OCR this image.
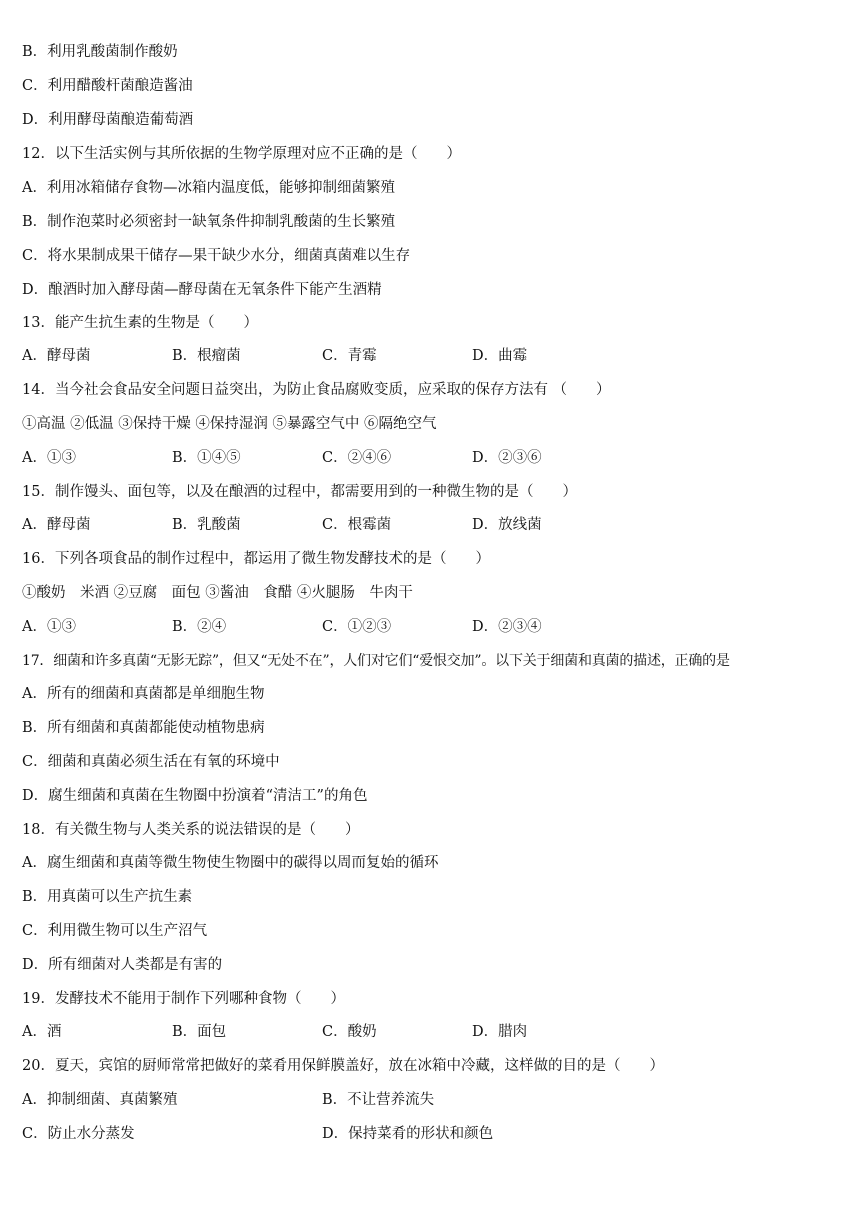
B．利用乳酸菌制作酸奶
C．利用醋酸杆菌酿造酱油
D．利用酵母菌酿造葡萄酒
12．以下生活实例与其所依据的生物学原理对应不正确的是（　　）
A．利用冰箱储存食物—冰箱内温度低，能够抑制细菌繁殖
B．制作泡菜时必须密封一缺氧条件抑制乳酸菌的生长繁殖
C．将水果制成果干储存—果干缺少水分，细菌真菌难以生存
D．酿酒时加入酵母菌—酵母菌在无氧条件下能产生酒精
13．能产生抗生素的生物是（　　）
A．酵母菌	B．根瘤菌	C．青霉	D．曲霉
14．当今社会食品安全问题日益突出，为防止食品腐败变质，应采取的保存方法有 （　　）
①高温 ②低温 ③保持干燥 ④保持湿润 ⑤暴露空气中 ⑥隔绝空气
A．①③	B．①④⑤	C．②④⑥	D．②③⑥
15．制作馒头、面包等，以及在酿酒的过程中，都需要用到的一种微生物的是（　　）
A．酵母菌	B．乳酸菌	C．根霉菌	D．放线菌
16．下列各项食品的制作过程中，都运用了微生物发酵技术的是（　　）
①酸奶　米酒 ②豆腐　面包 ③酱油　食醋 ④火腿肠　牛肉干
A．①③	B．②④	C．①②③	D．②③④
17．细菌和许多真菌“无影无踪”，但又“无处不在”，人们对它们“爱恨交加”。以下关于细菌和真菌的描述，正确的是
A．所有的细菌和真菌都是单细胞生物
B．所有细菌和真菌都能使动植物患病
C．细菌和真菌必须生活在有氧的环境中
D．腐生细菌和真菌在生物圈中扮演着“清洁工”的角色
18．有关微生物与人类关系的说法错误的是（　　）
A．腐生细菌和真菌等微生物使生物圈中的碳得以周而复始的循环
B．用真菌可以生产抗生素
C．利用微生物可以生产沼气
D．所有细菌对人类都是有害的
19．发酵技术不能用于制作下列哪种食物（　　）
A．酒	B．面包	C．酸奶	D．腊肉
20．夏天，宾馆的厨师常常把做好的菜肴用保鲜膜盖好，放在冰箱中冷藏，这样做的目的是（　　）
A．抑制细菌、真菌繁殖	B．不让营养流失
C．防止水分蒸发	D．保持菜肴的形状和颜色
